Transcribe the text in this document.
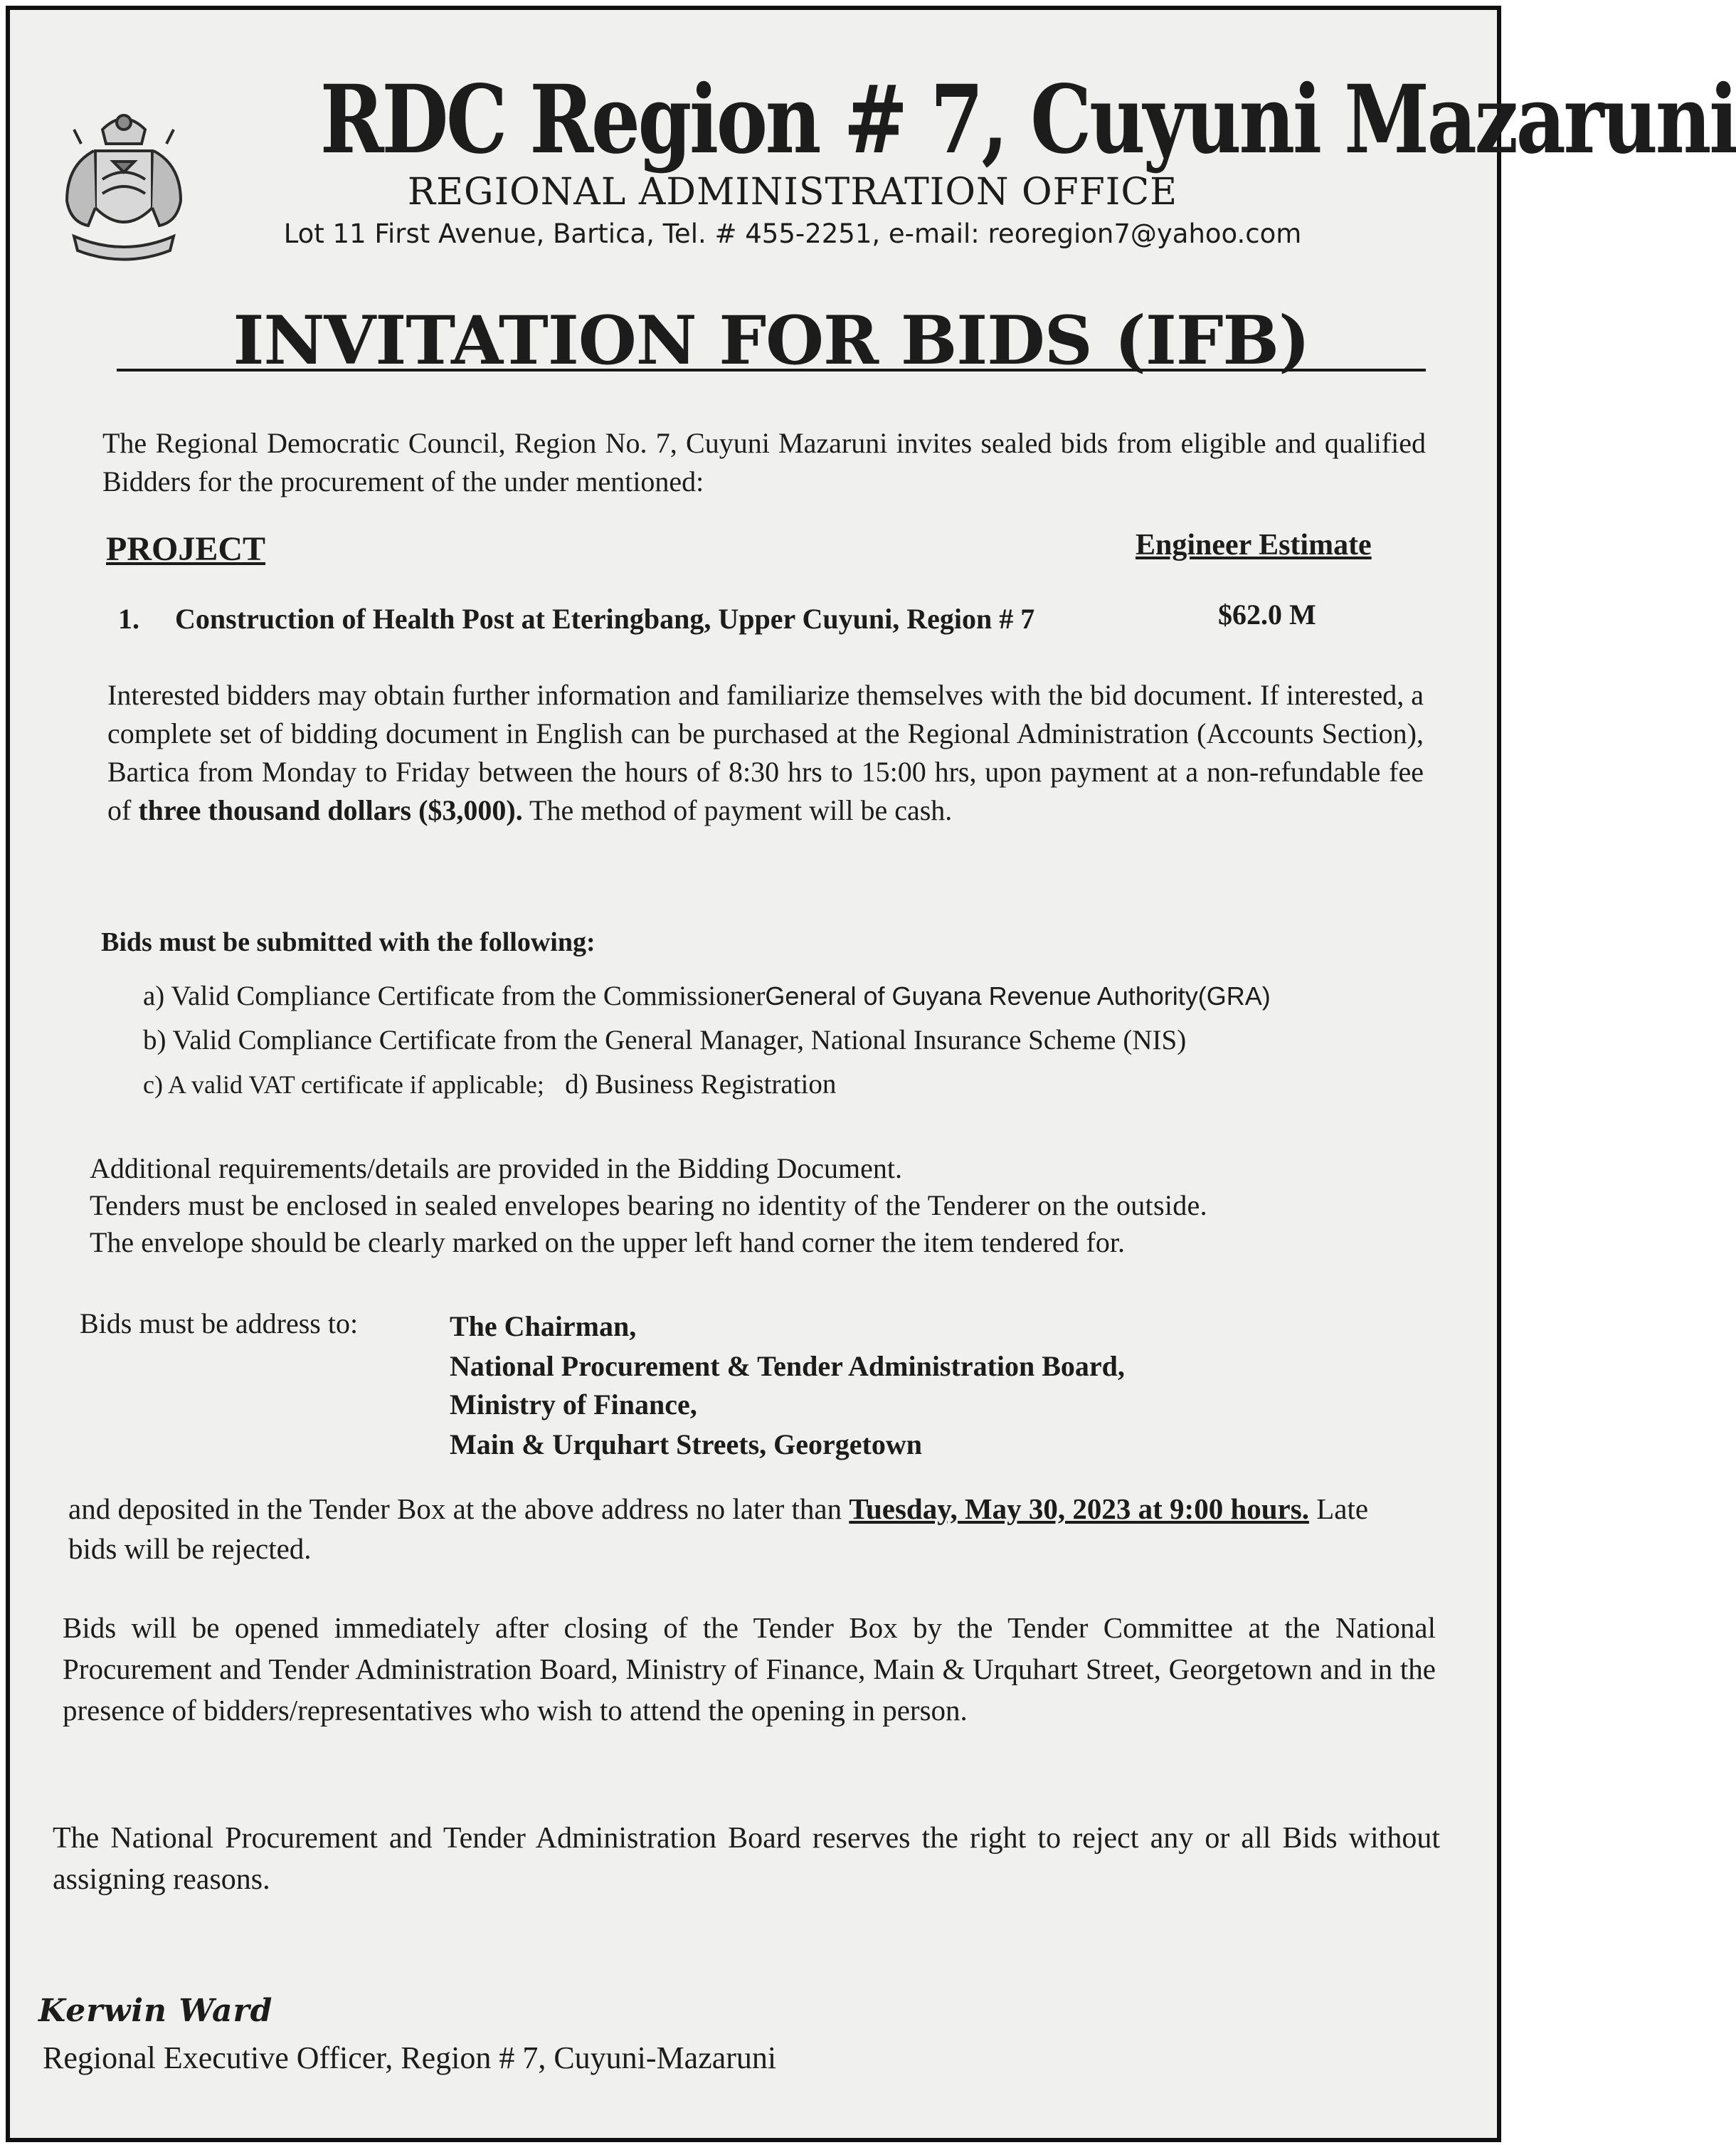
RDC Region # 7, Cuyuni Mazaruni
REGIONAL ADMINISTRATION OFFICE
Lot 11 First Avenue, Bartica, Tel. # 455-2251, e-mail: reoregion7@yahoo.com
INVITATION FOR BIDS (IFB)
The Regional Democratic Council, Region No. 7, Cuyuni Mazaruni invites sealed bids from eligible and qualified Bidders for the procurement of the under mentioned:
PROJECT	Engineer Estimate
1. Construction of Health Post at Eteringbang, Upper Cuyuni, Region # 7	$62.0 M
Interested bidders may obtain further information and familiarize themselves with the bid document. If interested, a complete set of bidding document in English can be purchased at the Regional Administration (Accounts Section), Bartica from Monday to Friday between the hours of 8:30 hrs to 15:00 hrs, upon payment at a non-refundable fee of three thousand dollars ($3,000). The method of payment will be cash.
Bids must be submitted with the following:
a) Valid Compliance Certificate from the CommissionerGeneral of Guyana Revenue Authority(GRA)
b) Valid Compliance Certificate from the General Manager, National Insurance Scheme (NIS)
c) A valid VAT certificate if applicable; d) Business Registration
Additional requirements/details are provided in the Bidding Document.
Tenders must be enclosed in sealed envelopes bearing no identity of the Tenderer on the outside.
The envelope should be clearly marked on the upper left hand corner the item tendered for.
Bids must be address to:	The Chairman,
National Procurement & Tender Administration Board,
Ministry of Finance,
Main & Urquhart Streets, Georgetown
and deposited in the Tender Box at the above address no later than Tuesday, May 30, 2023 at 9:00 hours. Late bids will be rejected.
Bids will be opened immediately after closing of the Tender Box by the Tender Committee at the National Procurement and Tender Administration Board, Ministry of Finance, Main & Urquhart Street, Georgetown and in the presence of bidders/representatives who wish to attend the opening in person.
The National Procurement and Tender Administration Board reserves the right to reject any or all Bids without assigning reasons.
Kerwin Ward
Regional Executive Officer, Region # 7, Cuyuni-Mazaruni
